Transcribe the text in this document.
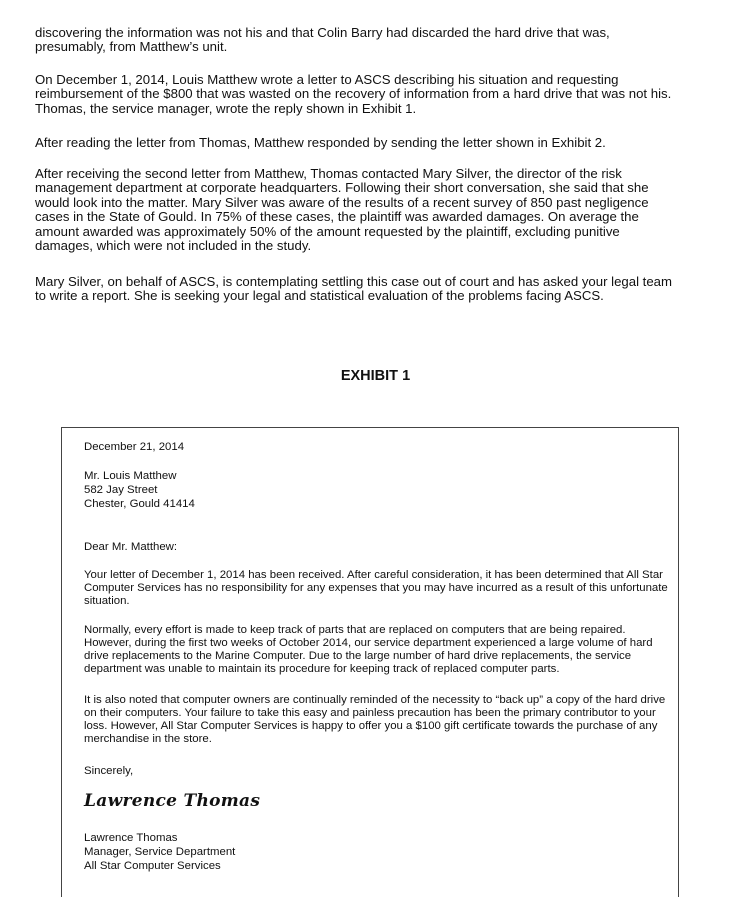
discovering the information was not his and that Colin Barry had discarded the hard drive that was, presumably, from Matthew’s unit.

On December 1, 2014, Louis Matthew wrote a letter to ASCS describing his situation and requesting reimbursement of the $800 that was wasted on the recovery of information from a hard drive that was not his. Thomas, the service manager, wrote the reply shown in Exhibit 1.

After reading the letter from Thomas, Matthew responded by sending the letter shown in Exhibit 2.

After receiving the second letter from Matthew, Thomas contacted Mary Silver, the director of the risk management department at corporate headquarters. Following their short conversation, she said that she would look into the matter. Mary Silver was aware of the results of a recent survey of 850 past negligence cases in the State of Gould. In 75% of these cases, the plaintiff was awarded damages. On average the amount awarded was approximately 50% of the amount requested by the plaintiff, excluding punitive damages, which were not included in the study.

Mary Silver, on behalf of ASCS, is contemplating settling this case out of court and has asked your legal team to write a report. She is seeking your legal and statistical evaluation of the problems facing ASCS.

EXHIBIT 1

December 21, 2014

Mr. Louis Matthew

582 Jay Street

Chester, Gould 41414

Dear Mr. Matthew:

Your letter of December 1, 2014 has been received. After careful consideration, it has been determined that All Star Computer Services has no responsibility for any expenses that you may have incurred as a result of this unfortunate situation.

Normally, every effort is made to keep track of parts that are replaced on computers that are being repaired. However, during the first two weeks of October 2014, our service department experienced a large volume of hard drive replacements to the Marine Computer. Due to the large number of hard drive replacements, the service department was unable to maintain its procedure for keeping track of replaced computer parts.

It is also noted that computer owners are continually reminded of the necessity to “back up” a copy of the hard drive on their computers. Your failure to take this easy and painless precaution has been the primary contributor to your loss. However, All Star Computer Services is happy to offer you a $100 gift certificate towards the purchase of any merchandise in the store.

Sincerely,

Lawrence Thomas

Lawrence Thomas

Manager, Service Department

All Star Computer Services
